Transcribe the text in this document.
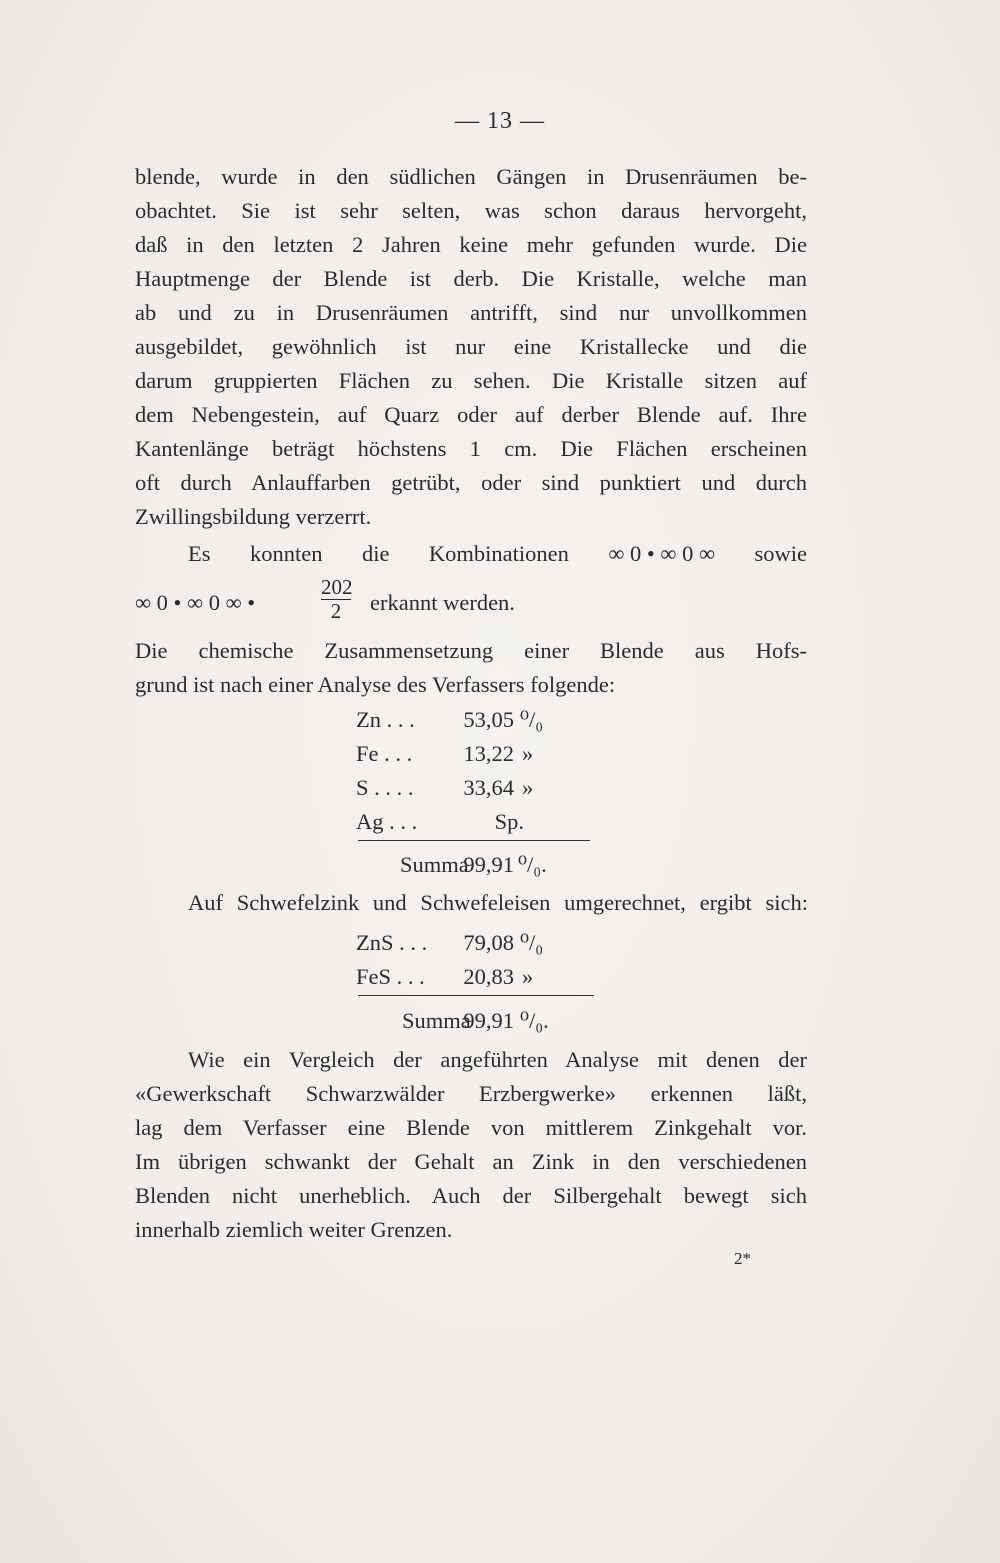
— 13 —
blende, wurde in den südlichen Gängen in Drusenräumen be-
obachtet. Sie ist sehr selten, was schon daraus hervorgeht,
daß in den letzten 2 Jahren keine mehr gefunden wurde. Die
Hauptmenge der Blende ist derb. Die Kristalle, welche man
ab und zu in Drusenräumen antrifft, sind nur unvollkommen
ausgebildet, gewöhnlich ist nur eine Kristallecke und die
darum gruppierten Flächen zu sehen. Die Kristalle sitzen auf
dem Nebengestein, auf Quarz oder auf derber Blende auf. Ihre
Kantenlänge beträgt höchstens 1 cm. Die Flächen erscheinen
oft durch Anlauffarben getrübt, oder sind punktiert und durch
Zwillingsbildung verzerrt.
Es konnten die Kombinationen ∞ 0 • ∞ 0 ∞ sowie
∞ 0 • ∞ 0 ∞ •	$\frac{202}{2}$ erkannt werden.
Die chemische Zusammensetzung einer Blende aus Hofs-
grund ist nach einer Analyse des Verfassers folgende:
Zn . . . 53,05 ⁰/₀
Fe . . . 13,22 »
S . . . . 33,64 »
Ag . . .	Sp.
Summa
99,91 ⁰/₀.
Auf Schwefelzink und Schwefeleisen umgerechnet, ergibt sich:
ZnS . . . 79,08 ⁰/₀
FeS . . . 20,83 »
Summa
99,91 ⁰/₀.
Wie ein Vergleich der angeführten Analyse mit denen der
«Gewerkschaft Schwarzwälder Erzbergwerke» erkennen läßt,
lag dem Verfasser eine Blende von mittlerem Zinkgehalt vor.
Im übrigen schwankt der Gehalt an Zink in den verschiedenen
Blenden nicht unerheblich. Auch der Silbergehalt bewegt sich
innerhalb ziemlich weiter Grenzen.
2*
